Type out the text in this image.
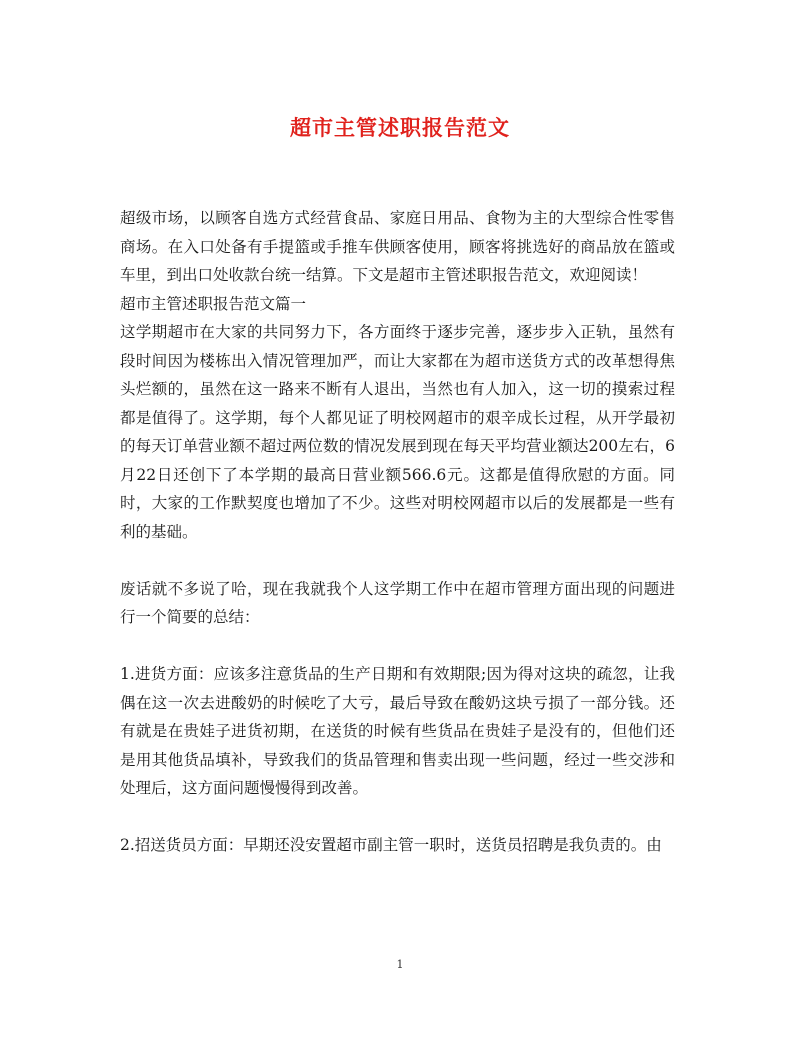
超市主管述职报告范文

超级市场，以顾客自选方式经营食品、家庭日用品、食物为主的大型综合性零售商场。在入口处备有手提篮或手推车供顾客使用，顾客将挑选好的商品放在篮或车里，到出口处收款台统一结算。下文是超市主管述职报告范文，欢迎阅读！

超市主管述职报告范文篇一

这学期超市在大家的共同努力下，各方面终于逐步完善，逐步步入正轨，虽然有段时间因为楼栋出入情况管理加严，而让大家都在为超市送货方式的改革想得焦头烂额的，虽然在这一路来不断有人退出，当然也有人加入，这一切的摸索过程都是值得了。这学期，每个人都见证了明校网超市的艰辛成长过程，从开学最初的每天订单营业额不超过两位数的情况发展到现在每天平均营业额达200左右，6月22日还创下了本学期的最高日营业额566.6元。这都是值得欣慰的方面。同时，大家的工作默契度也增加了不少。这些对明校网超市以后的发展都是一些有利的基础。

废话就不多说了哈，现在我就我个人这学期工作中在超市管理方面出现的问题进行一个简要的总结：

1.进货方面：应该多注意货品的生产日期和有效期限;因为得对这块的疏忽，让我偶在这一次去进酸奶的时候吃了大亏，最后导致在酸奶这块亏损了一部分钱。还有就是在贵娃子进货初期，在送货的时候有些货品在贵娃子是没有的，但他们还是用其他货品填补，导致我们的货品管理和售卖出现一些问题，经过一些交涉和处理后，这方面问题慢慢得到改善。

2.招送货员方面：早期还没安置超市副主管一职时，送货员招聘是我负责的。由

1
